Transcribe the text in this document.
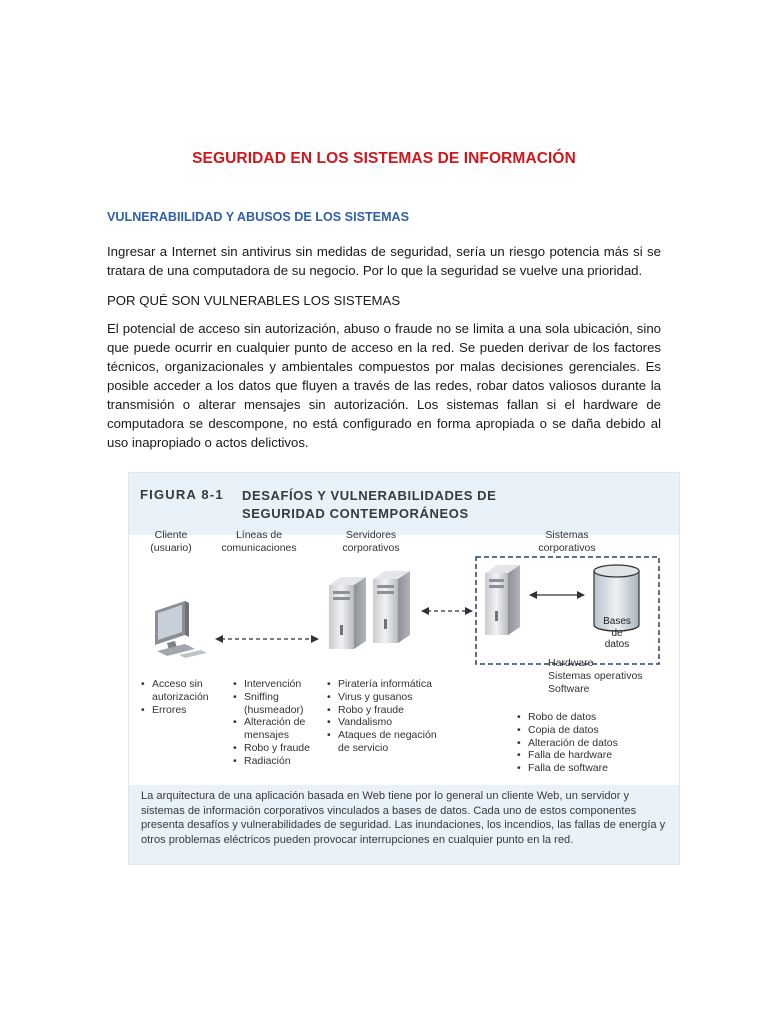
SEGURIDAD EN LOS SISTEMAS DE INFORMACIÓN
VULNERABIILIDAD Y ABUSOS DE LOS SISTEMAS

Ingresar a Internet sin antivirus sin medidas de seguridad, sería un riesgo potencia más si se tratara de una computadora de su negocio. Por lo que la seguridad se vuelve una prioridad.

POR QUÉ SON VULNERABLES LOS SISTEMAS

El potencial de acceso sin autorización, abuso o fraude no se limita a una sola ubicación, sino que puede ocurrir en cualquier punto de acceso en la red. Se pueden derivar de los factores técnicos, organizacionales y ambientales compuestos por malas decisiones gerenciales. Es posible acceder a los datos que fluyen a través de las redes, robar datos valiosos durante la transmisión o alterar mensajes sin autorización. Los sistemas fallan si el hardware de computadora se descompone, no está configurado en forma apropiada o se daña debido al uso inapropiado o actos delictivos.

FIGURA 8-1 DESAFÍOS Y VULNERABILIDADES DE SEGURIDAD CONTEMPORÁNEOS
Cliente
(usuario)
Líneas de
comunicaciones
Servidores
corporativos
Sistemas
corporativos
Bases
de
datos
Hardware
Sistemas operativos
Software
• Acceso sin
autorización
• Errores
• Intervención
• Sniffing
(husmeador)
• Alteración de
mensajes
• Robo y fraude
• Radiación
• Piratería informática
• Virus y gusanos
• Robo y fraude
• Vandalismo
• Ataques de negación
de servicio
• Robo de datos
• Copia de datos
• Alteración de datos
• Falla de hardware
• Falla de software
La arquitectura de una aplicación basada en Web tiene por lo general un cliente Web, un servidor y sistemas de información corporativos vinculados a bases de datos. Cada uno de estos componentes presenta desafíos y vulnerabilidades de seguridad. Las inundaciones, los incendios, las fallas de energía y otros problemas eléctricos pueden provocar interrupciones en cualquier punto en la red.
